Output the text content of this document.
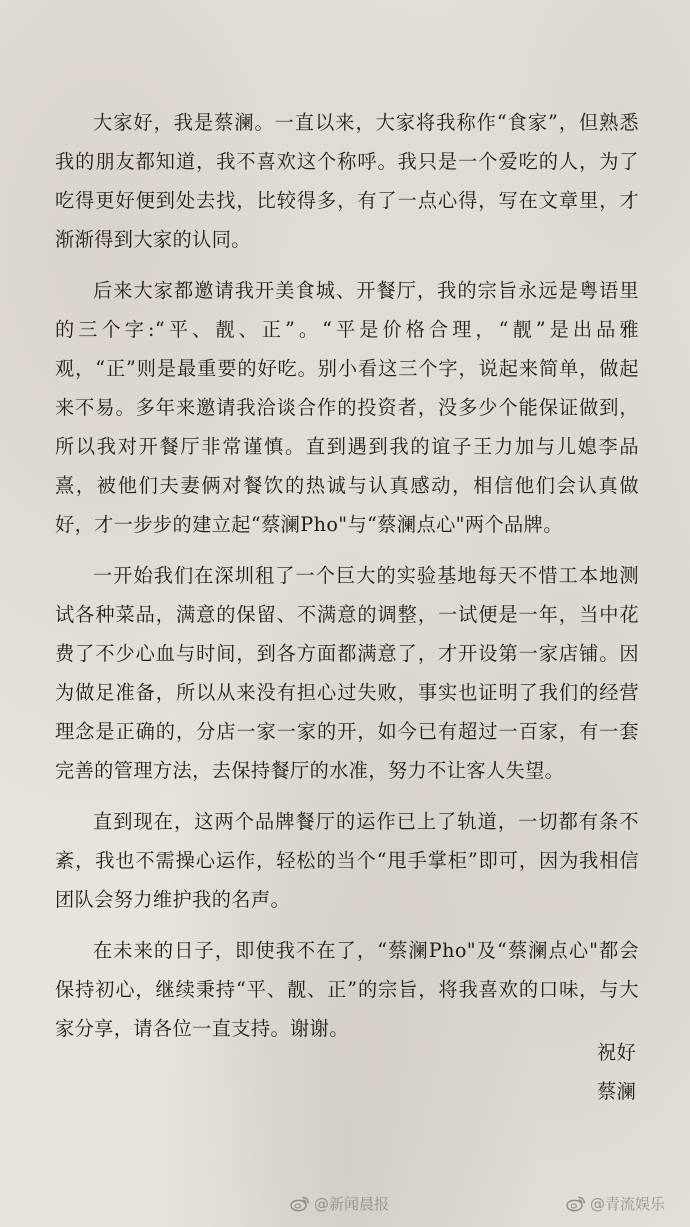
大家好，我是蔡澜。一直以来，大家将我称作“食家”，但熟悉我的朋友都知道，我不喜欢这个称呼。我只是一个爱吃的人，为了吃得更好便到处去找，比较得多，有了一点心得，写在文章里，才渐渐得到大家的认同。

后来大家都邀请我开美食城、开餐厅，我的宗旨永远是粤语里的三个字:“平、靓、正”。“平是价格合理，“靓”是出品雅观，“正”则是最重要的好吃。别小看这三个字，说起来简单，做起来不易。多年来邀请我洽谈合作的投资者，没多少个能保证做到，所以我对开餐厅非常谨慎。直到遇到我的谊子王力加与儿媳李品熹，被他们夫妻俩对餐饮的热诚与认真感动，相信他们会认真做好，才一步步的建立起“蔡澜Pho"与“蔡澜点心"两个品牌。

一开始我们在深圳租了一个巨大的实验基地每天不惜工本地测试各种菜品，满意的保留、不满意的调整，一试便是一年，当中花费了不少心血与时间，到各方面都满意了，才开设第一家店铺。因为做足准备，所以从来没有担心过失败，事实也证明了我们的经营理念是正确的，分店一家一家的开，如今已有超过一百家，有一套完善的管理方法，去保持餐厅的水准，努力不让客人失望。

直到现在，这两个品牌餐厅的运作已上了轨道，一切都有条不紊，我也不需操心运作，轻松的当个“甩手掌柜”即可，因为我相信团队会努力维护我的名声。

在未来的日子，即使我不在了，“蔡澜Pho"及“蔡澜点心"都会保持初心，继续秉持“平、靓、正”的宗旨，将我喜欢的口味，与大家分享，请各位一直支持。谢谢。

祝好
蔡澜
@新闻晨报	@青流娱乐
